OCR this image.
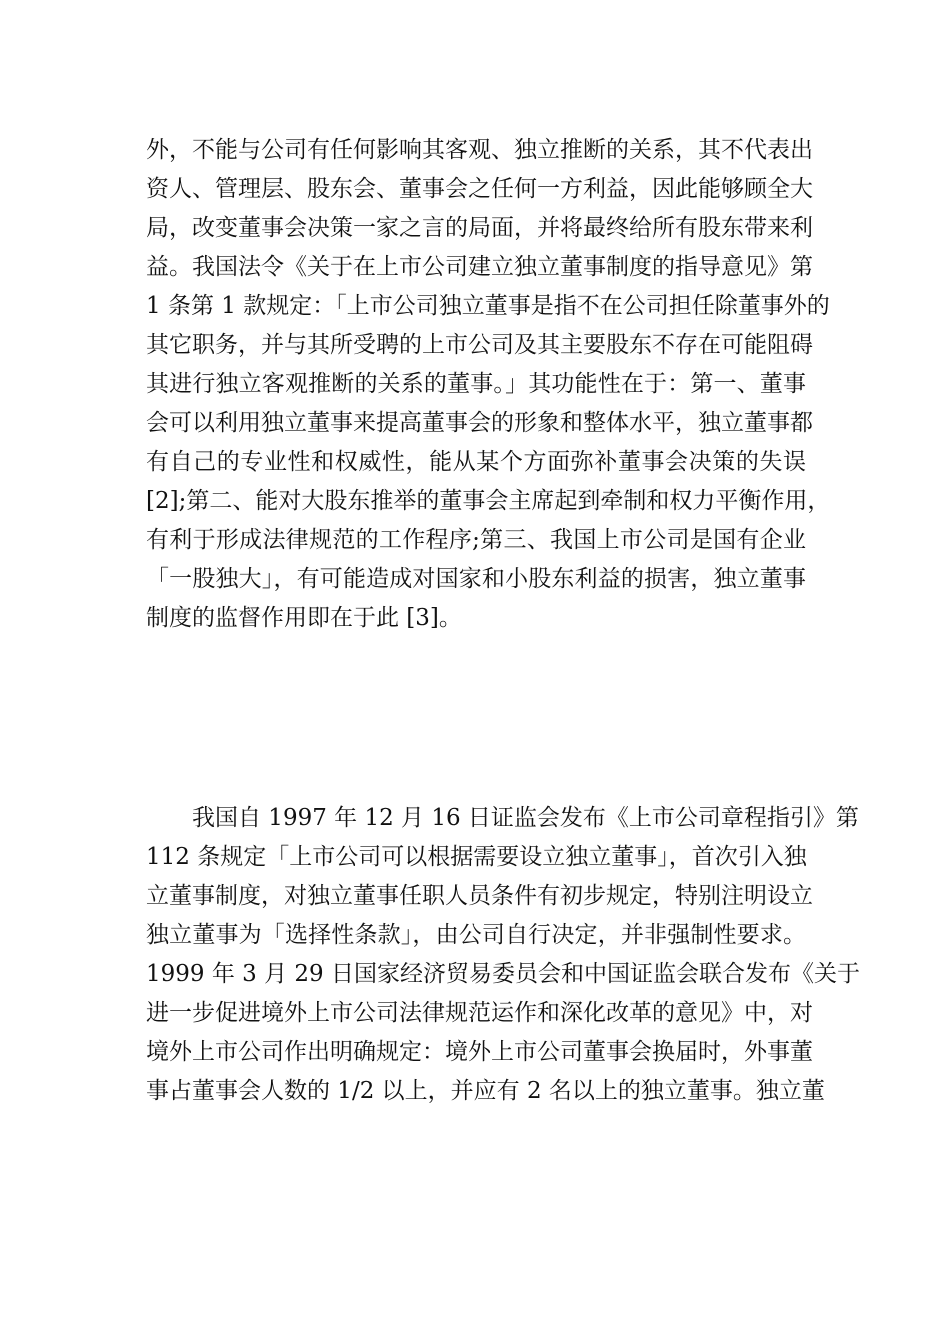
外，不能与公司有任何影响其客观、独立推断的关系，其不代表出
资人、管理层、股东会、董事会之任何一方利益，因此能够顾全大
局，改变董事会决策一家之言的局面，并将最终给所有股东带来利
益。我国法令《关于在上市公司建立独立董事制度的指导意见》第
1 条第 1 款规定：「上市公司独立董事是指不在公司担任除董事外的
其它职务，并与其所受聘的上市公司及其主要股东不存在可能阻碍
其进行独立客观推断的关系的董事。」其功能性在于：第一、董事
会可以利用独立董事来提高董事会的形象和整体水平，独立董事都
有自己的专业性和权威性，能从某个方面弥补董事会决策的失误
[2];第二、能对大股东推举的董事会主席起到牵制和权力平衡作用，
有利于形成法律规范的工作程序;第三、我国上市公司是国有企业
「一股独大」，有可能造成对国家和小股东利益的损害，独立董事
制度的监督作用即在于此 [3]。
我国自 1997 年 12 月 16 日证监会发布《上市公司章程指引》第
112 条规定「上市公司可以根据需要设立独立董事」，首次引入独
立董事制度，对独立董事任职人员条件有初步规定，特别注明设立
独立董事为「选择性条款」，由公司自行决定，并非强制性要求。
1999 年 3 月 29 日国家经济贸易委员会和中国证监会联合发布《关于
进一步促进境外上市公司法律规范运作和深化改革的意见》中，对
境外上市公司作出明确规定：境外上市公司董事会换届时，外事董
事占董事会人数的 1/2 以上，并应有 2 名以上的独立董事。独立董
